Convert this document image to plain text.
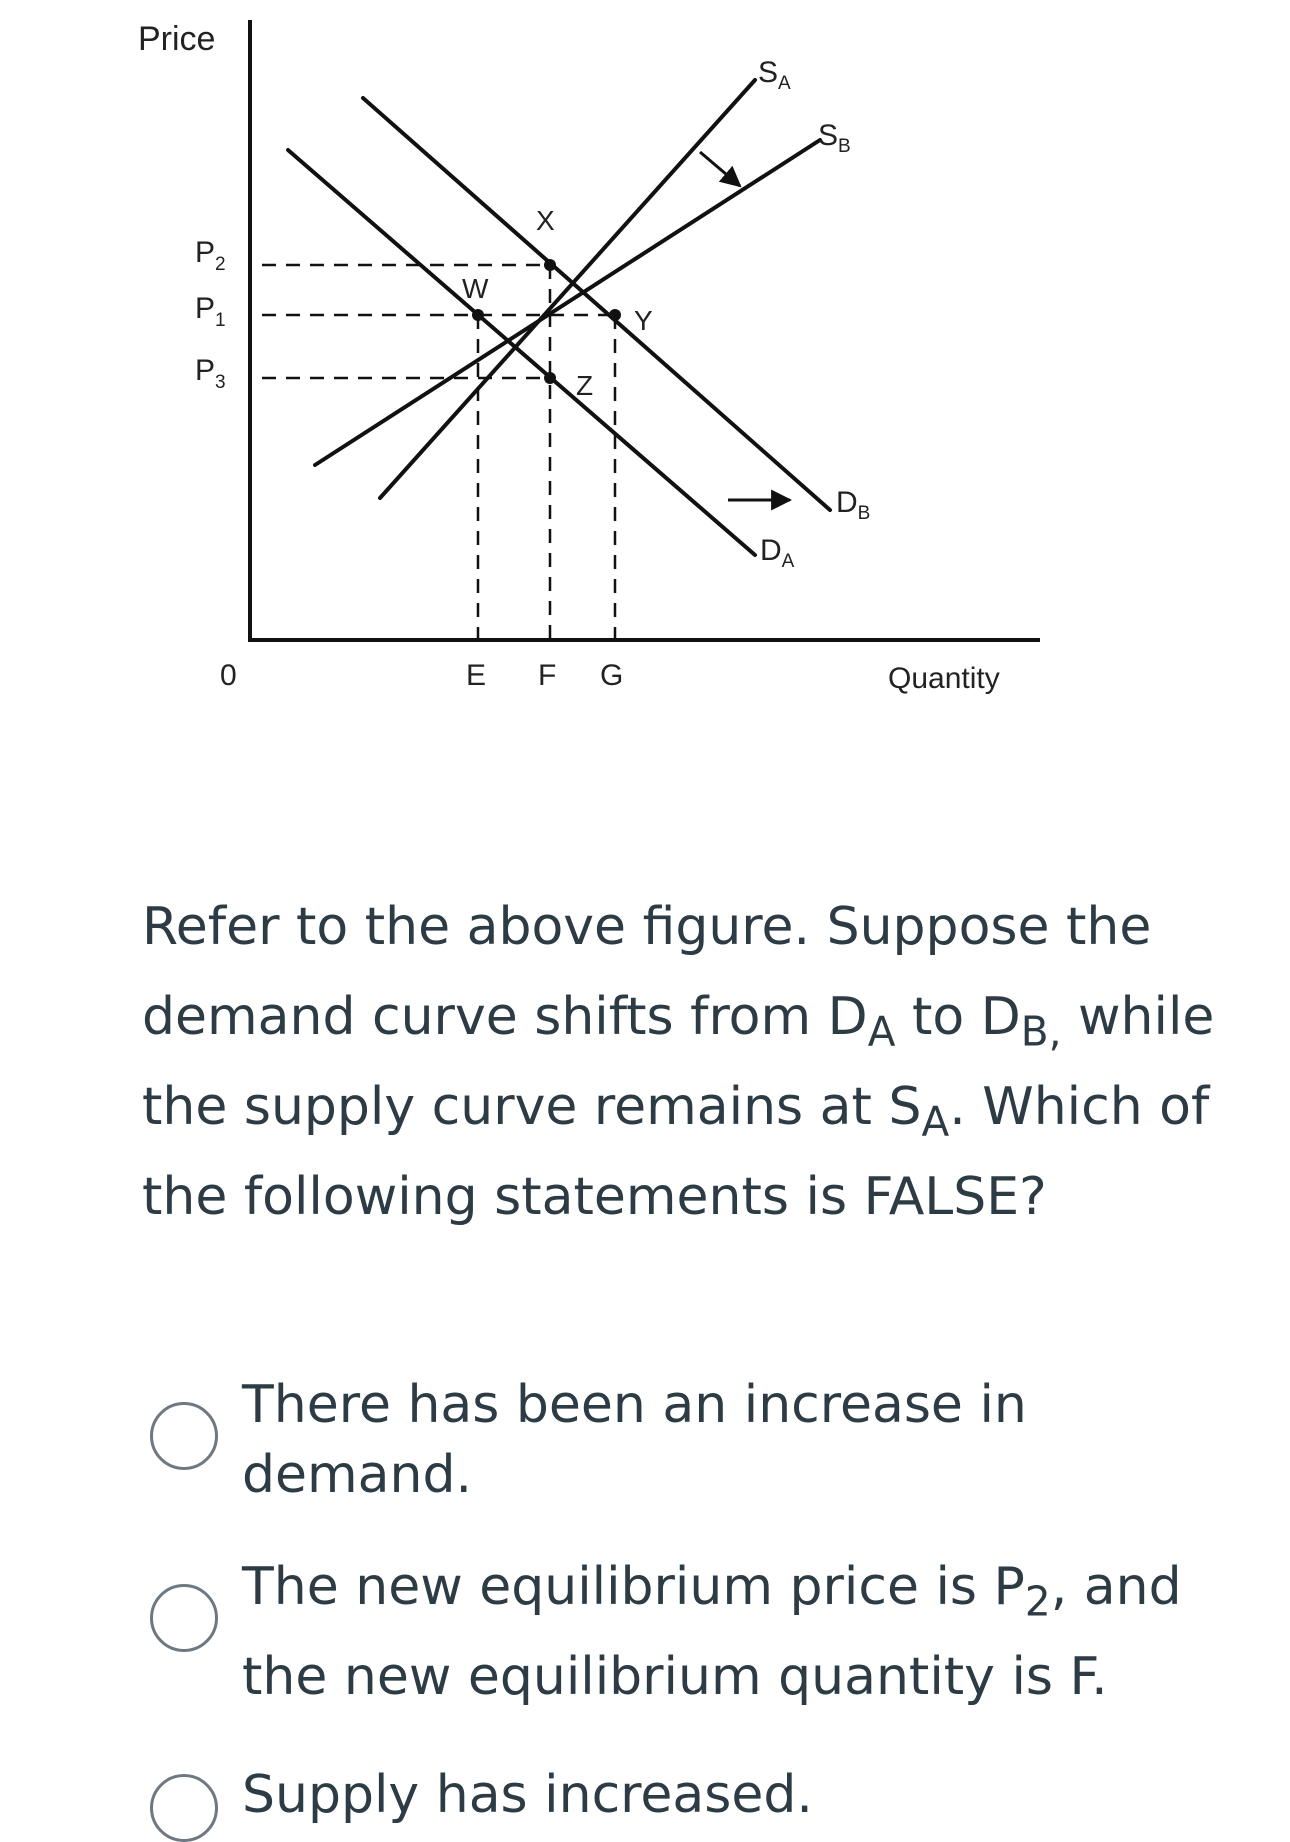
Price
Quantity
0
W
X
Y
Z
$P_2$
$P_1$
$P_3$
E F G
$S_A$
$S_B$
$D_B$
$D_A$

Refer to the above figure. Suppose the demand curve shifts from $D_A$ to $D_{B,}$ while the supply curve remains at $S_A$. Which of the following statements is FALSE?

There has been an increase in demand.
The new equilibrium price is $P_2$, and the new equilibrium quantity is F.
Supply has increased.
